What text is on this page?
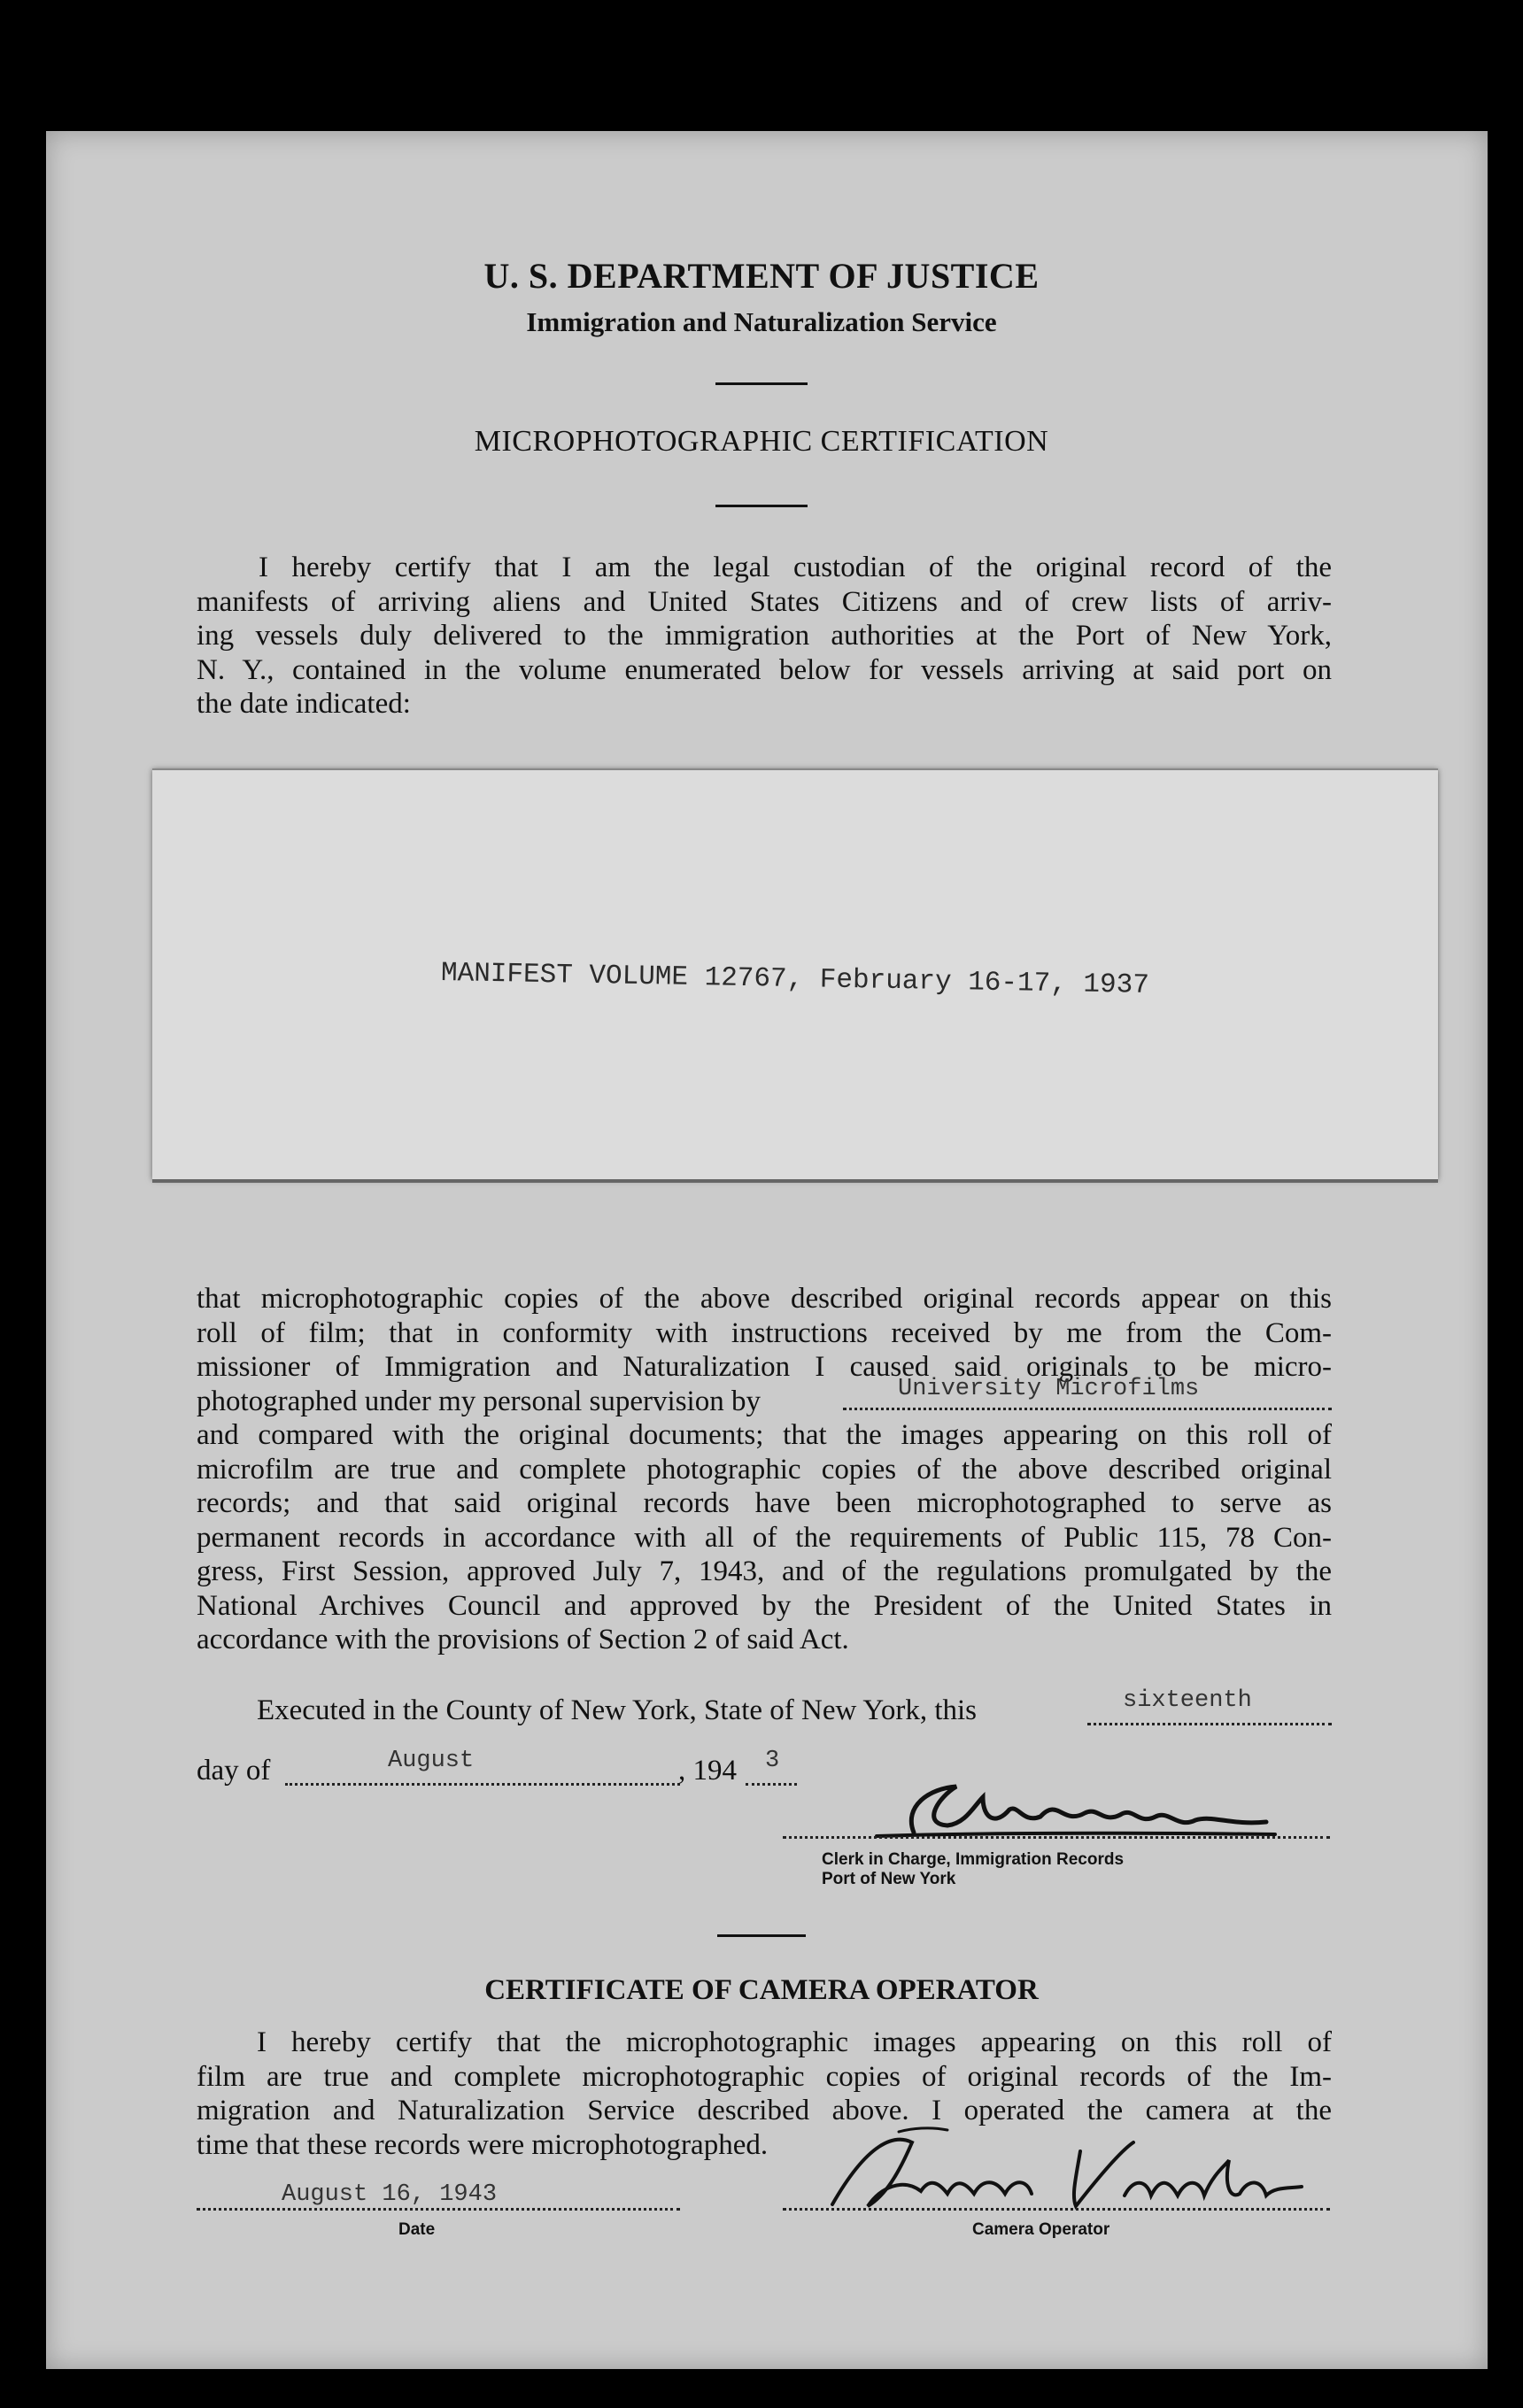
U. S. DEPARTMENT OF JUSTICE
Immigration and Naturalization Service
MICROPHOTOGRAPHIC CERTIFICATION
I hereby certify that I am the legal custodian of the original record of the
manifests of arriving aliens and United States Citizens and of crew lists of arriv-
ing vessels duly delivered to the immigration authorities at the Port of New York,
N. Y., contained in the volume enumerated below for vessels arriving at said port on
the date indicated:
MANIFEST VOLUME 12767, February 16-17, 1937
that microphotographic copies of the above described original records appear on this
roll of film; that in conformity with instructions received by me from the Com-
missioner of Immigration and Naturalization I caused said originals to be micro-
photographed under my personal supervision by	University Microfilms
and compared with the original documents; that the images appearing on this roll of
microfilm are true and complete photographic copies of the above described original
records; and that said original records have been microphotographed to serve as
permanent records in accordance with all of the requirements of Public 115, 78 Con-
gress, First Session, approved July 7, 1943, and of the regulations promulgated by the
National Archives Council and approved by the President of the United States in
accordance with the provisions of Section 2 of said Act.
Executed in the County of New York, State of New York, this	sixteenth
day of	August	, 194 3
Clerk in Charge, Immigration Records
Port of New York
CERTIFICATE OF CAMERA OPERATOR
I hereby certify that the microphotographic images appearing on this roll of
film are true and complete microphotographic copies of original records of the Im-
migration and Naturalization Service described above. I operated the camera at the
time that these records were microphotographed.
August 16, 1943
Date	Camera Operator
